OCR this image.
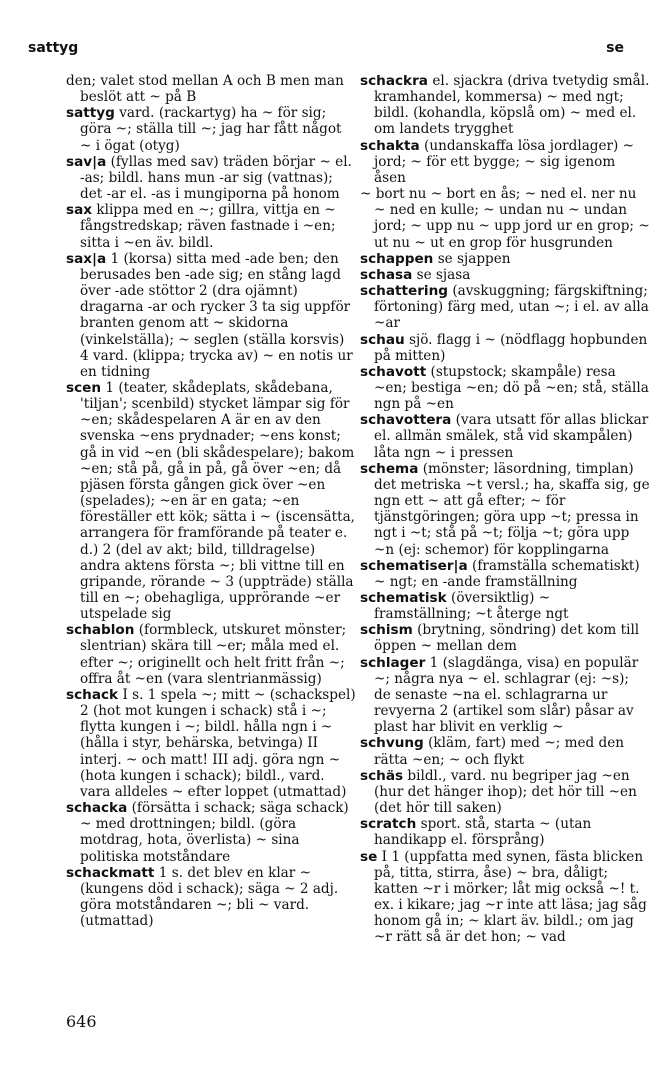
sattyg	se
den; valet stod mellan A och B men man beslöt att ~ på B
sattyg vard. (rackartyg) ha ~ för sig; göra ~; ställa till ~; jag har fått något ~ i ögat (otyg)
sav|a (fyllas med sav) träden börjar ~ el. -as; bildl. hans mun -ar sig (vattnas); det -ar el. -as i mungiporna på honom
sax klippa med en ~; gillra, vittja en ~ fångstredskap; räven fastnade i ~en; sitta i ~en äv. bildl.
sax|a 1 (korsa) sitta med -ade ben; den berusades ben -ade sig; en stång lagd över -ade stöttor 2 (dra ojämnt) dragarna -ar och rycker 3 ta sig uppför branten genom att ~ skidorna (vinkelställa); ~ seglen (ställa korsvis) 4 vard. (klippa; trycka av) ~ en notis ur en tidning
scen 1 (teater, skådeplats, skådebana, 'tiljan'; scenbild) stycket lämpar sig för ~en; skådespelaren A är en av den svenska ~ens prydnader; ~ens konst; gå in vid ~en (bli skådespelare); bakom ~en; stå på, gå in på, gå över ~en; då pjäsen första gången gick över ~en (spelades); ~en är en gata; ~en föreställer ett kök; sätta i ~ (iscensätta, arrangera för framförande på teater e. d.) 2 (del av akt; bild, tilldragelse) andra aktens första ~; bli vittne till en gripande, rörande ~ 3 (uppträde) ställa till en ~; obehagliga, upprörande ~er utspelade sig
schablon (formbleck, utskuret mönster; slentrian) skära till ~er; måla med el. efter ~; originellt och helt fritt från ~; offra åt ~en (vara slentrianmässig)
schack I s. 1 spela ~; mitt ~ (schackspel) 2 (hot mot kungen i schack) stå i ~; flytta kungen i ~; bildl. hålla ngn i ~ (hålla i styr, behärska, betvinga) II interj. ~ och matt! III adj. göra ngn ~ (hota kungen i schack); bildl., vard. vara alldeles ~ efter loppet (utmattad)
schacka (försätta i schack; säga schack) ~ med drottningen; bildl. (göra motdrag, hota, överlista) ~ sina politiska motståndare
schackmatt 1 s. det blev en klar ~ (kungens död i schack); säga ~ 2 adj. göra motståndaren ~; bli ~ vard. (utmattad)
schackra el. sjackra (driva tvetydig smål. kramhandel, kommersa) ~ med ngt; bildl. (kohandla, köpslå om) ~ med el. om landets trygghet
schakta (undanskaffa lösa jordlager) ~ jord; ~ för ett bygge; ~ sig igenom åsen
~ bort nu ~ bort en ås; ~ ned el. ner nu ~ ned en kulle; ~ undan nu ~ undan jord; ~ upp nu ~ upp jord ur en grop; ~ ut nu ~ ut en grop för husgrunden
schappen se sjappen
schasa se sjasa
schattering (avskuggning; färgskiftning; förtoning) färg med, utan ~; i el. av alla ~ar
schau sjö. flagg i ~ (nödflagg hopbunden på mitten)
schavott (stupstock; skampåle) resa ~en; bestiga ~en; dö på ~en; stå, ställa ngn på ~en
schavottera (vara utsatt för allas blickar el. allmän smälek, stå vid skampålen) låta ngn ~ i pressen
schema (mönster; läsordning, timplan) det metriska ~t versl.; ha, skaffa sig, ge ngn ett ~ att gå efter; ~ för tjänstgöringen; göra upp ~t; pressa in ngt i ~t; stå på ~t; följa ~t; göra upp ~n (ej: schemor) för kopplingarna
schematiser|a (framställa schematiskt) ~ ngt; en -ande framställning
schematisk (översiktlig) ~ framställning; ~t återge ngt
schism (brytning, söndring) det kom till öppen ~ mellan dem
schlager 1 (slagdänga, visa) en populär ~; några nya ~ el. schlagrar (ej: ~s); de senaste ~na el. schlagrarna ur revyerna 2 (artikel som slår) påsar av plast har blivit en verklig ~
schvung (kläm, fart) med ~; med den rätta ~en; ~ och flykt
schäs bildl., vard. nu begriper jag ~en (hur det hänger ihop); det hör till ~en (det hör till saken)
scratch sport. stå, starta ~ (utan handikapp el. försprång)
se I 1 (uppfatta med synen, fästa blicken på, titta, stirra, åse) ~ bra, dåligt; katten ~r i mörker; låt mig också ~! t. ex. i kikare; jag ~r inte att läsa; jag såg honom gå in; ~ klart äv. bildl.; om jag ~r rätt så är det hon; ~ vad
646
